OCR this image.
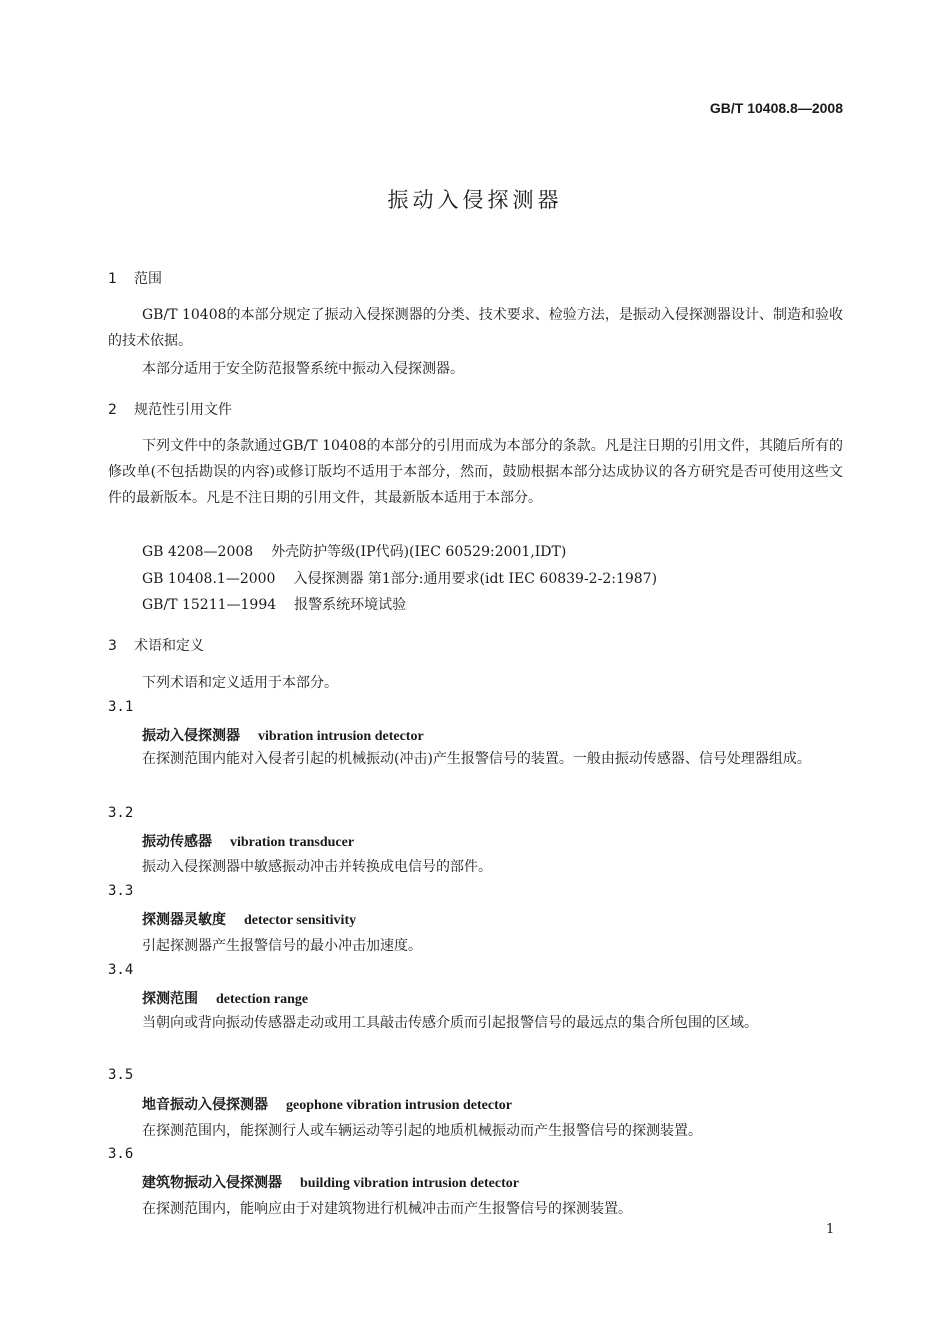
GB/T 10408.8—2008
振动入侵探测器
1 范围
GB/T 10408的本部分规定了振动入侵探测器的分类、技术要求、检验方法，是振动入侵探测器设计、制造和验收的技术依据。
本部分适用于安全防范报警系统中振动入侵探测器。
2 规范性引用文件
下列文件中的条款通过GB/T 10408的本部分的引用而成为本部分的条款。凡是注日期的引用文件，其随后所有的修改单(不包括勘误的内容)或修订版均不适用于本部分，然而，鼓励根据本部分达成协议的各方研究是否可使用这些文件的最新版本。凡是不注日期的引用文件，其最新版本适用于本部分。
GB 4208—2008 外壳防护等级(IP代码)(IEC 60529:2001,IDT)
GB 10408.1—2000 入侵探测器 第1部分:通用要求(idt IEC 60839-2-2:1987)
GB/T 15211—1994 报警系统环境试验
3 术语和定义
下列术语和定义适用于本部分。
3.1
振动入侵探测器 vibration intrusion detector
在探测范围内能对入侵者引起的机械振动(冲击)产生报警信号的装置。一般由振动传感器、信号处理器组成。
3.2
振动传感器 vibration transducer
振动入侵探测器中敏感振动冲击并转换成电信号的部件。
3.3
探测器灵敏度 detector sensitivity
引起探测器产生报警信号的最小冲击加速度。
3.4
探测范围 detection range
当朝向或背向振动传感器走动或用工具敲击传感介质而引起报警信号的最远点的集合所包围的区域。
3.5
地音振动入侵探测器 geophone vibration intrusion detector
在探测范围内，能探测行人或车辆运动等引起的地质机械振动而产生报警信号的探测装置。
3.6
建筑物振动入侵探测器 building vibration intrusion detector
在探测范围内，能响应由于对建筑物进行机械冲击而产生报警信号的探测装置。
1
